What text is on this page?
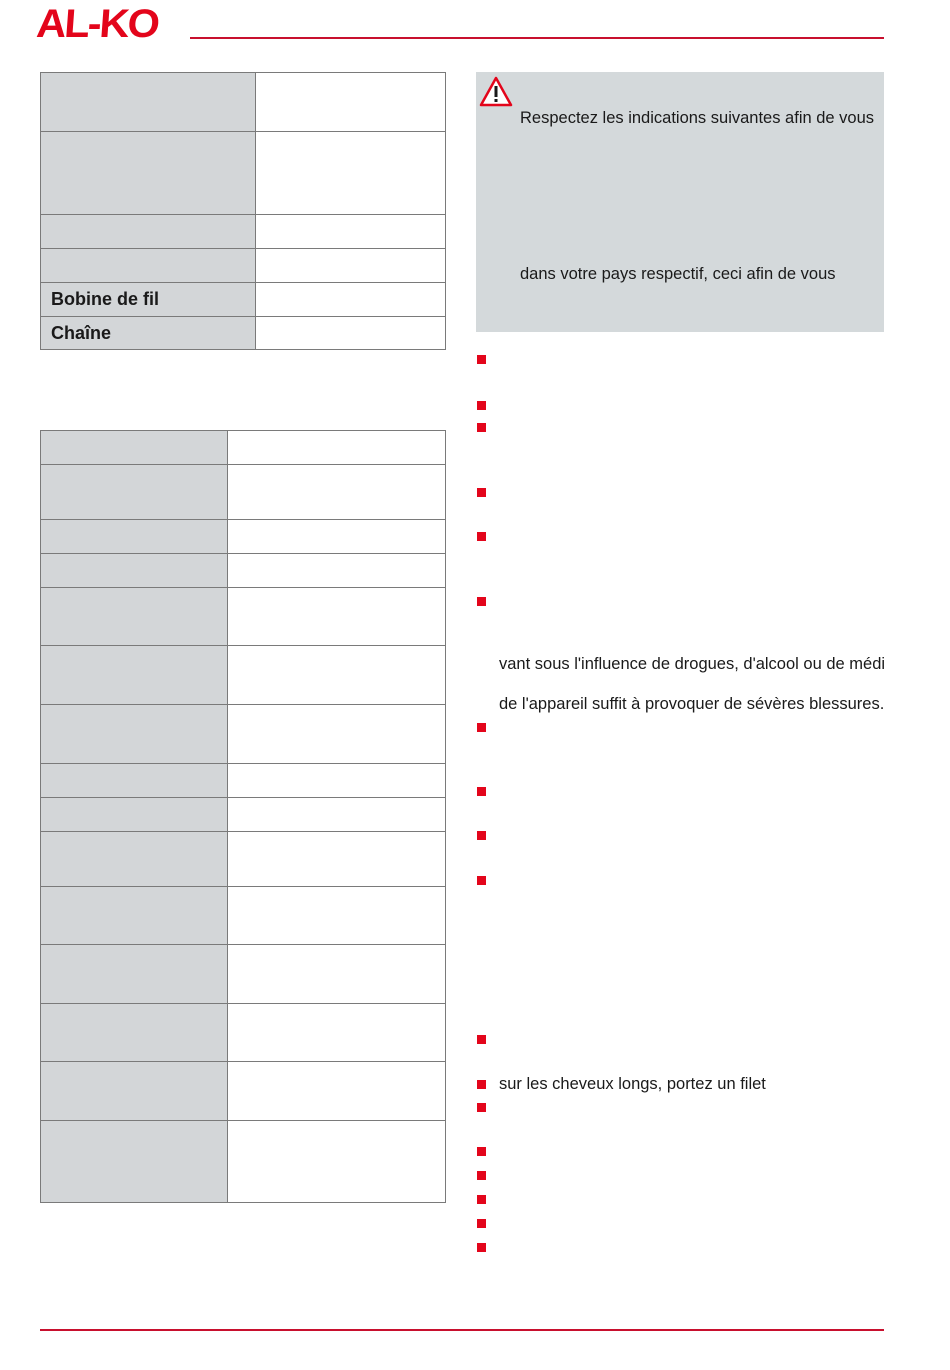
AL-KO

Bobine de fil	
Chaîne	

Respectez les indications suivantes afin de vous
dans votre pays respectif, ceci afin de vous
vant sous l'influence de drogues, d'alcool ou de médi
de l'appareil suffit à provoquer de sévères blessures.
sur les cheveux longs, portez un filet
